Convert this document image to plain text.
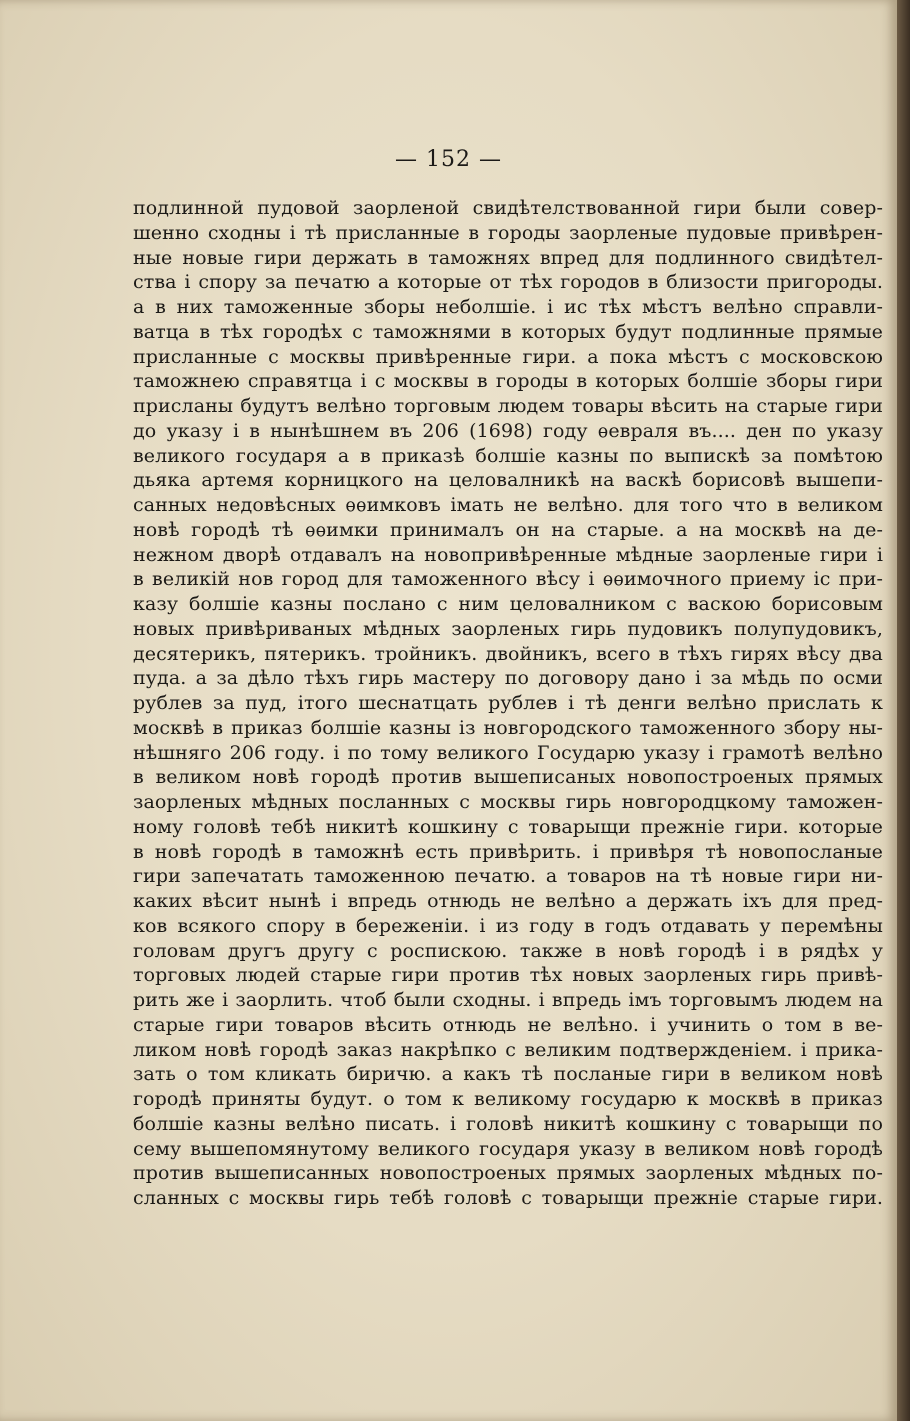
— 152 —
подлинной пудовой заорленой свидѣтелствованной гири были совер-
шенно сходны і тѣ присланные в городы заорленые пудовые привѣрен-
ные новые гири держать в таможнях впред для подлинного свидѣтел-
ства і спору за печатю а которые от тѣх городов в близости пригороды.
а в них таможенные зборы неболшіе. і ис тѣх мѣстъ велѣно справли-
ватца в тѣх городѣх с таможнями в которых будут подлинные прямые
присланные с москвы привѣренные гири. а пока мѣстъ с московскою
таможнею справятца і с москвы в городы в которых болшіе зборы гири
присланы будутъ велѣно торговым людем товары вѣсить на старые гири
до указу і в нынѣшнем въ 206 (1698) году ѳевраля въ.... ден по указу
великого государя а в приказѣ болшіе казны по выпискѣ за помѣтою
дьяка артемя корницкого на целовалникѣ на васкѣ борисовѣ вышепи-
санных недовѣсных ѳѳимковъ імать не велѣно. для того что в великом
новѣ городѣ тѣ ѳѳимки принималъ он на старые. а на москвѣ на де-
нежном дворѣ отдавалъ на новопривѣренные мѣдные заорленые гири і
в великій нов город для таможенного вѣсу і ѳѳимочного приему іс при-
казу болшіе казны послано с ним целовалником с васкою борисовым
новых привѣриваных мѣдных заорленых гирь пудовикъ полупудовикъ,
десятерикъ, пятерикъ. тройникъ. двойникъ, всего в тѣхъ гирях вѣсу два
пуда. а за дѣло тѣхъ гирь мастеру по договору дано і за мѣдь по осми
рублев за пуд, ітого шеснатцать рублев і тѣ денги велѣно прислать к
москвѣ в приказ болшіе казны із новгородского таможенного збору ны-
нѣшняго 206 году. і по тому великого Государю указу і грамотѣ велѣно
в великом новѣ городѣ против вышеписаных новопостроеных прямых
заорленых мѣдных посланных с москвы гирь новгородцкому таможен-
ному головѣ тебѣ никитѣ кошкину с товарыщи прежніе гири. которые
в новѣ городѣ в таможнѣ есть привѣрить. і привѣря тѣ новопосланые
гири запечатать таможенною печатю. а товаров на тѣ новые гири ни-
каких вѣсит нынѣ і впредь отнюдь не велѣно а держать іхъ для пред-
ков всякого спору в береженіи. і из году в годъ отдавать у перемѣны
головам другъ другу с роспискою. также в новѣ городѣ і в рядѣх у
торговых людей старые гири против тѣх новых заорленых гирь привѣ-
рить же і заорлить. чтоб были сходны. і впредь імъ торговымъ людем на
старые гири товаров вѣсить отнюдь не велѣно. і учинить о том в ве-
ликом новѣ городѣ заказ накрѣпко с великим подтвержденіем. і прика-
зать о том кликать биричю. а какъ тѣ посланые гири в великом новѣ
городѣ приняты будут. о том к великому государю к москвѣ в приказ
болшіе казны велѣно писать. і головѣ никитѣ кошкину с товарыщи по
сему вышепомянутому великого государя указу в великом новѣ городѣ
против вышеписанных новопостроеных прямых заорленых мѣдных по-
сланных с москвы гирь тебѣ головѣ с товарыщи прежніе старые гири.
